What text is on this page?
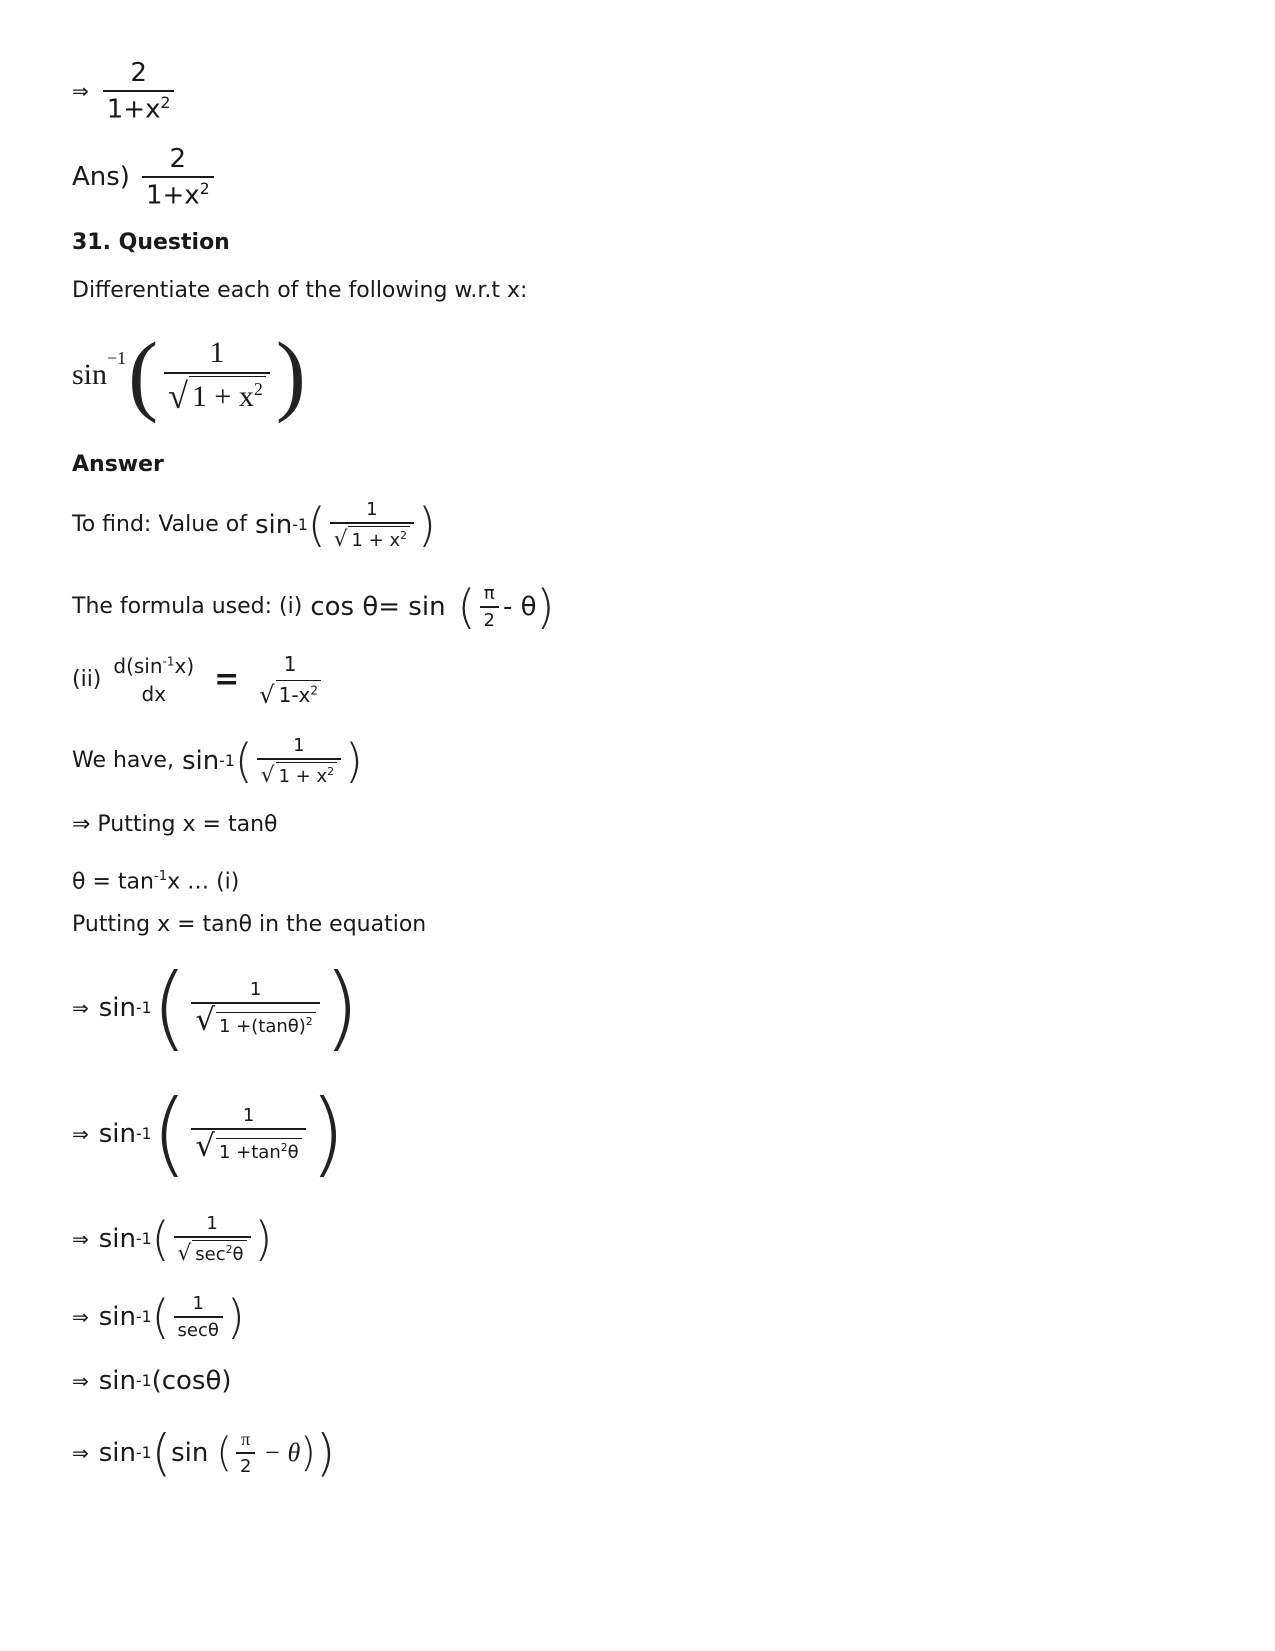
⇒ $\frac{2}{1+x^2}$
$Ans) \frac{2}{1+x^2}$
31. Question
Differentiate each of the following w.r.t x:
$\sin^{-1}$ ( $\frac{1}{√ 1 + x^2}$ )
Answer
To find: Value of sin -1 ( $\frac{1}{√ 1 + x^2}$ )
The formula used: (i) cos θ= sin ( $\frac{\pi}{2}$ - θ )
(ii)
$d(\sin^{-1}x)$
dx = 1
√ $1-x^2$
We have, sin -1 ( $\frac{1}{√ 1 + x^2}$ )
⇒ Putting x = tanθ
$\theta = \tan^{-1}x$ … (i)
Putting x = tanθ in the equation
⇒ sin -1 ( $\frac{1}{√ 1 +(\tan\theta)^2}$ )
⇒ sin -1 ( $\frac{1}{√ 1 +\tan^2\theta}$ )
⇒ sin -1 ( $\frac{1}{√ \sec^2\theta}$ )
⇒ sin -1 ( $\frac{1}{\sec\theta}$ )
⇒ sin -1 (cosθ)
⇒ sin -1 ( sin ( $\frac{\pi}{2} - \theta$ ) )
